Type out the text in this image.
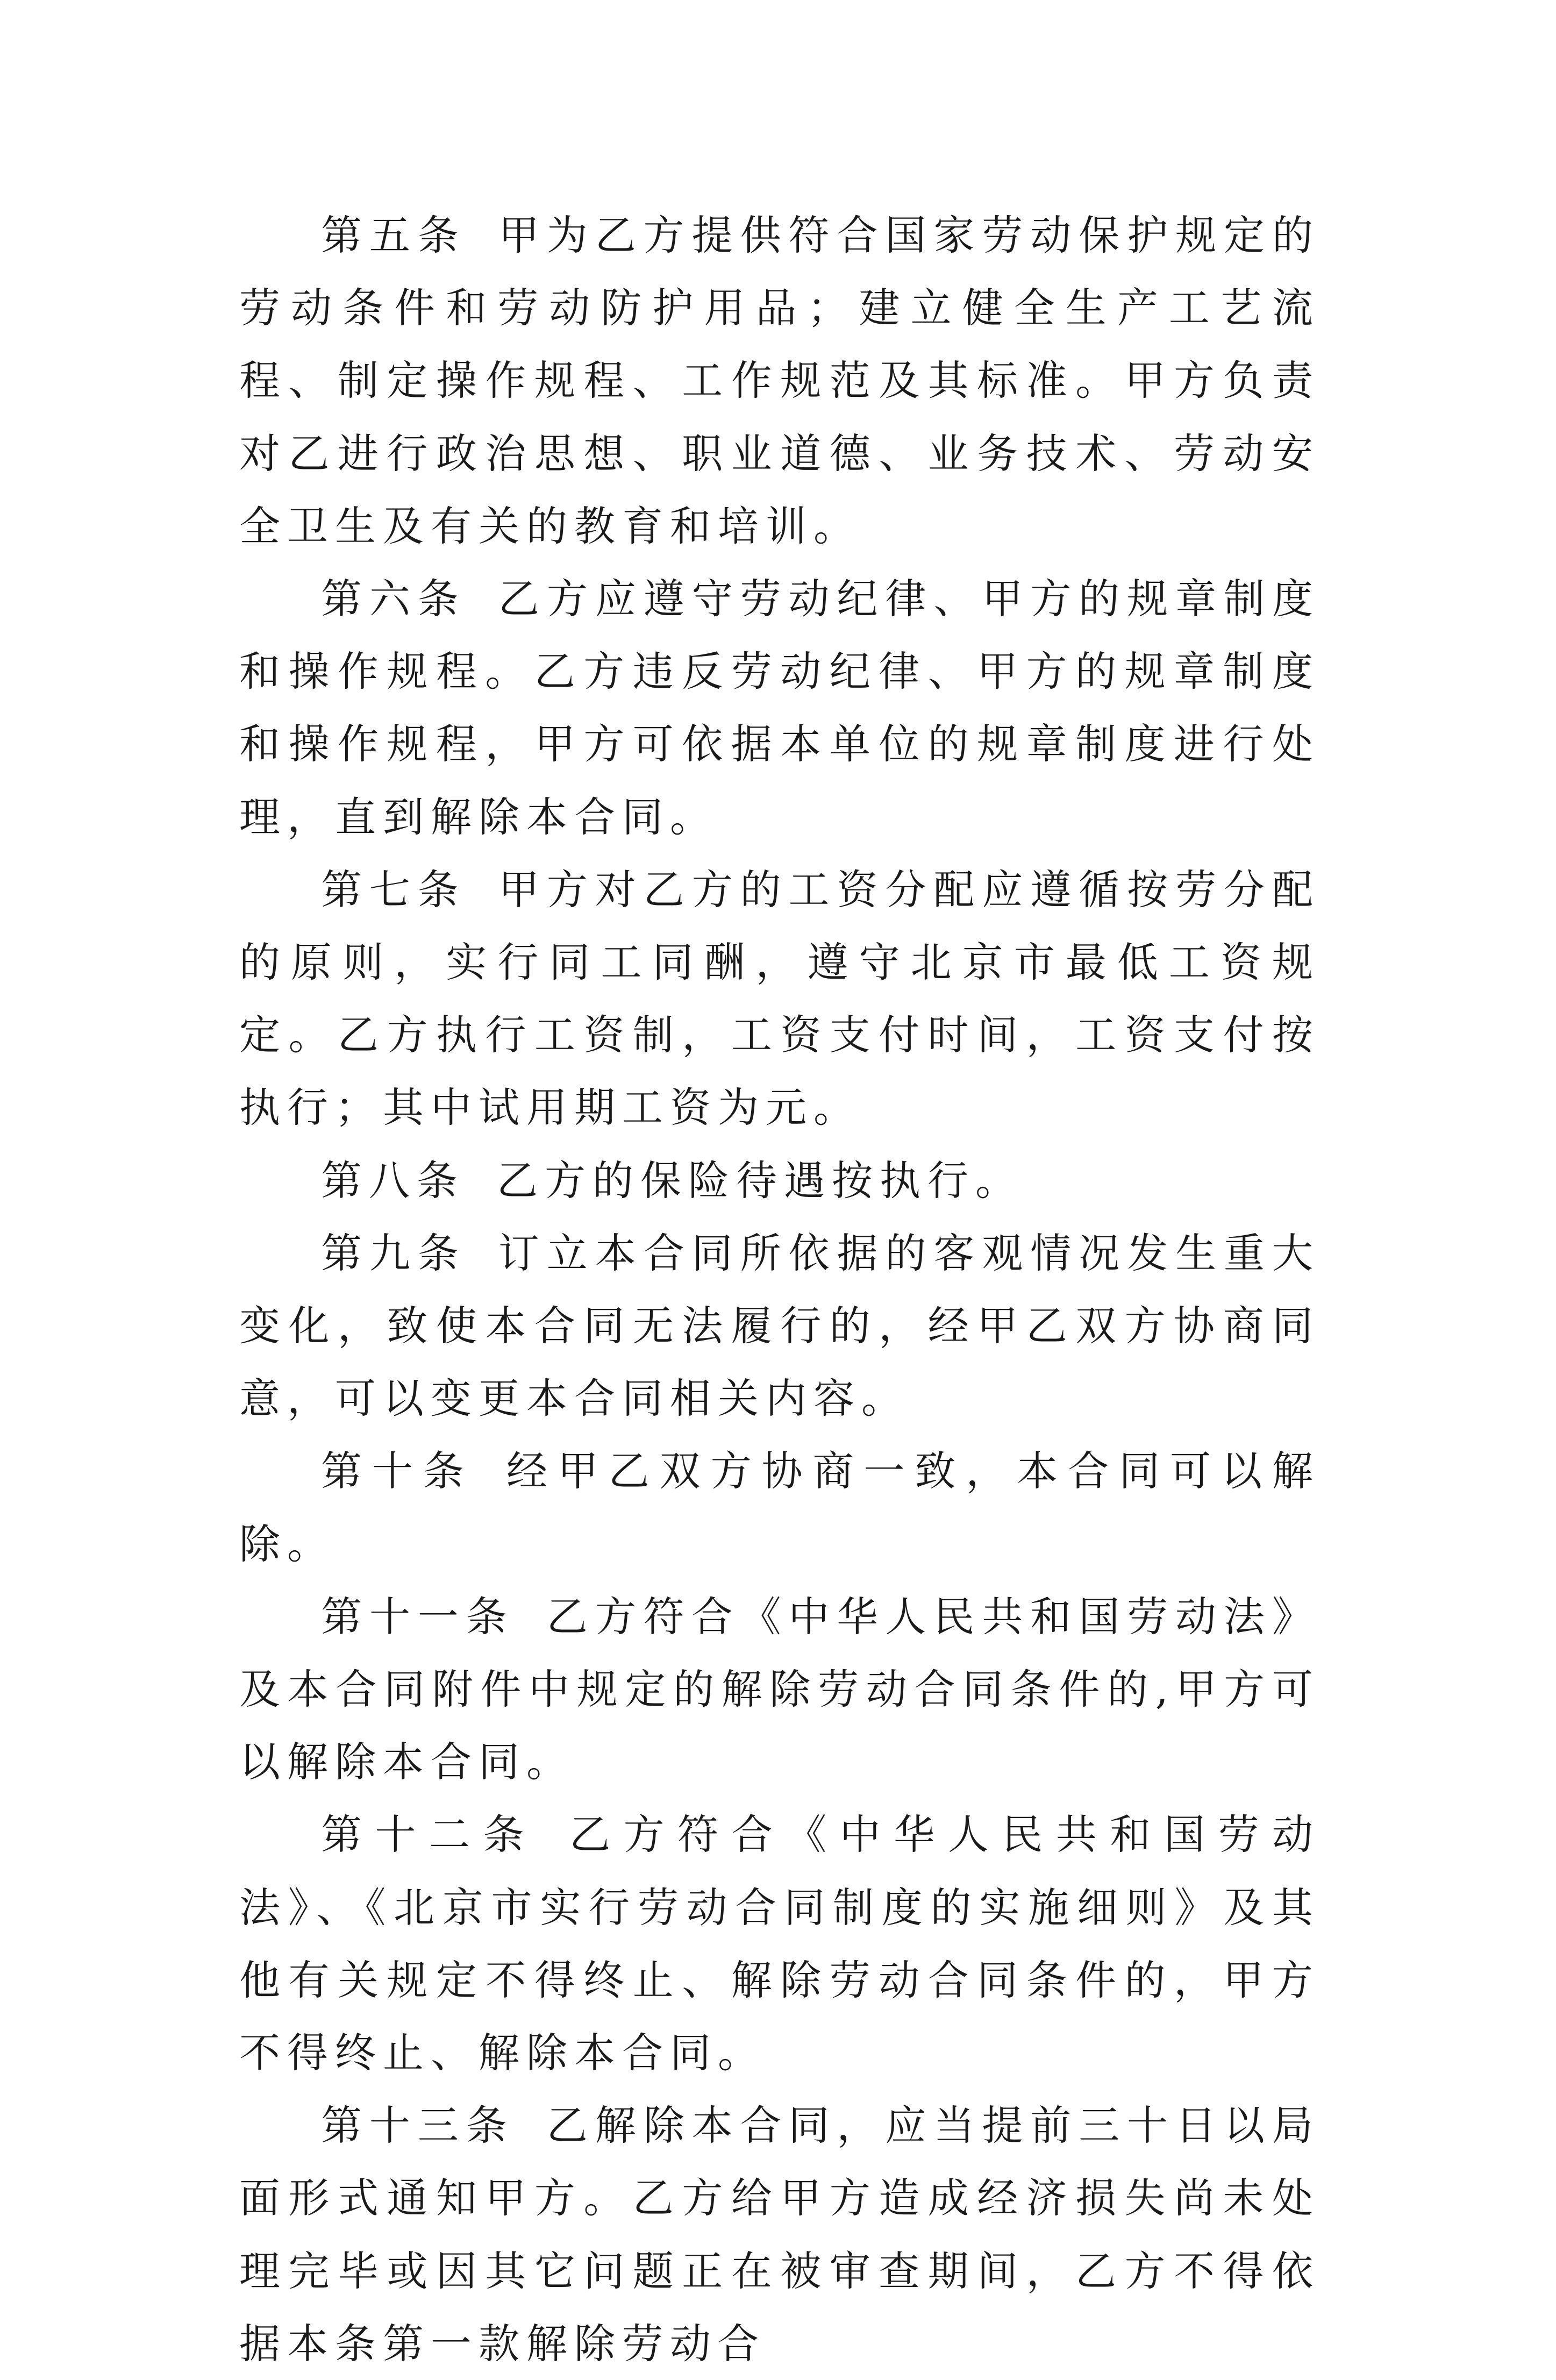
第五条 甲为乙方提供符合国家劳动保护规定的劳动条件和劳动防护用品；建立健全生产工艺流程、制定操作规程、工作规范及其标准。甲方负责对乙进行政治思想、职业道德、业务技术、劳动安全卫生及有关的教育和培训。

第六条 乙方应遵守劳动纪律、甲方的规章制度和操作规程。乙方违反劳动纪律、甲方的规章制度和操作规程，甲方可依据本单位的规章制度进行处理，直到解除本合同。

第七条 甲方对乙方的工资分配应遵循按劳分配的原则，实行同工同酬，遵守北京市最低工资规定。乙方执行工资制，工资支付时间，工资支付按执行；其中试用期工资为元。

第八条 乙方的保险待遇按执行。

第九条 订立本合同所依据的客观情况发生重大变化，致使本合同无法履行的，经甲乙双方协商同意，可以变更本合同相关内容。

第十条 经甲乙双方协商一致，本合同可以解除。

第十一条 乙方符合《中华人民共和国劳动法》及本合同附件中规定的解除劳动合同条件的,甲方可以解除本合同。

第十二条 乙方符合《中华人民共和国劳动法》、《北京市实行劳动合同制度的实施细则》及其他有关规定不得终止、解除劳动合同条件的，甲方不得终止、解除本合同。

第十三条 乙解除本合同，应当提前三十日以局面形式通知甲方。乙方给甲方造成经济损失尚未处理完毕或因其它问题正在被审查期间，乙方不得依据本条第一款解除劳动合
